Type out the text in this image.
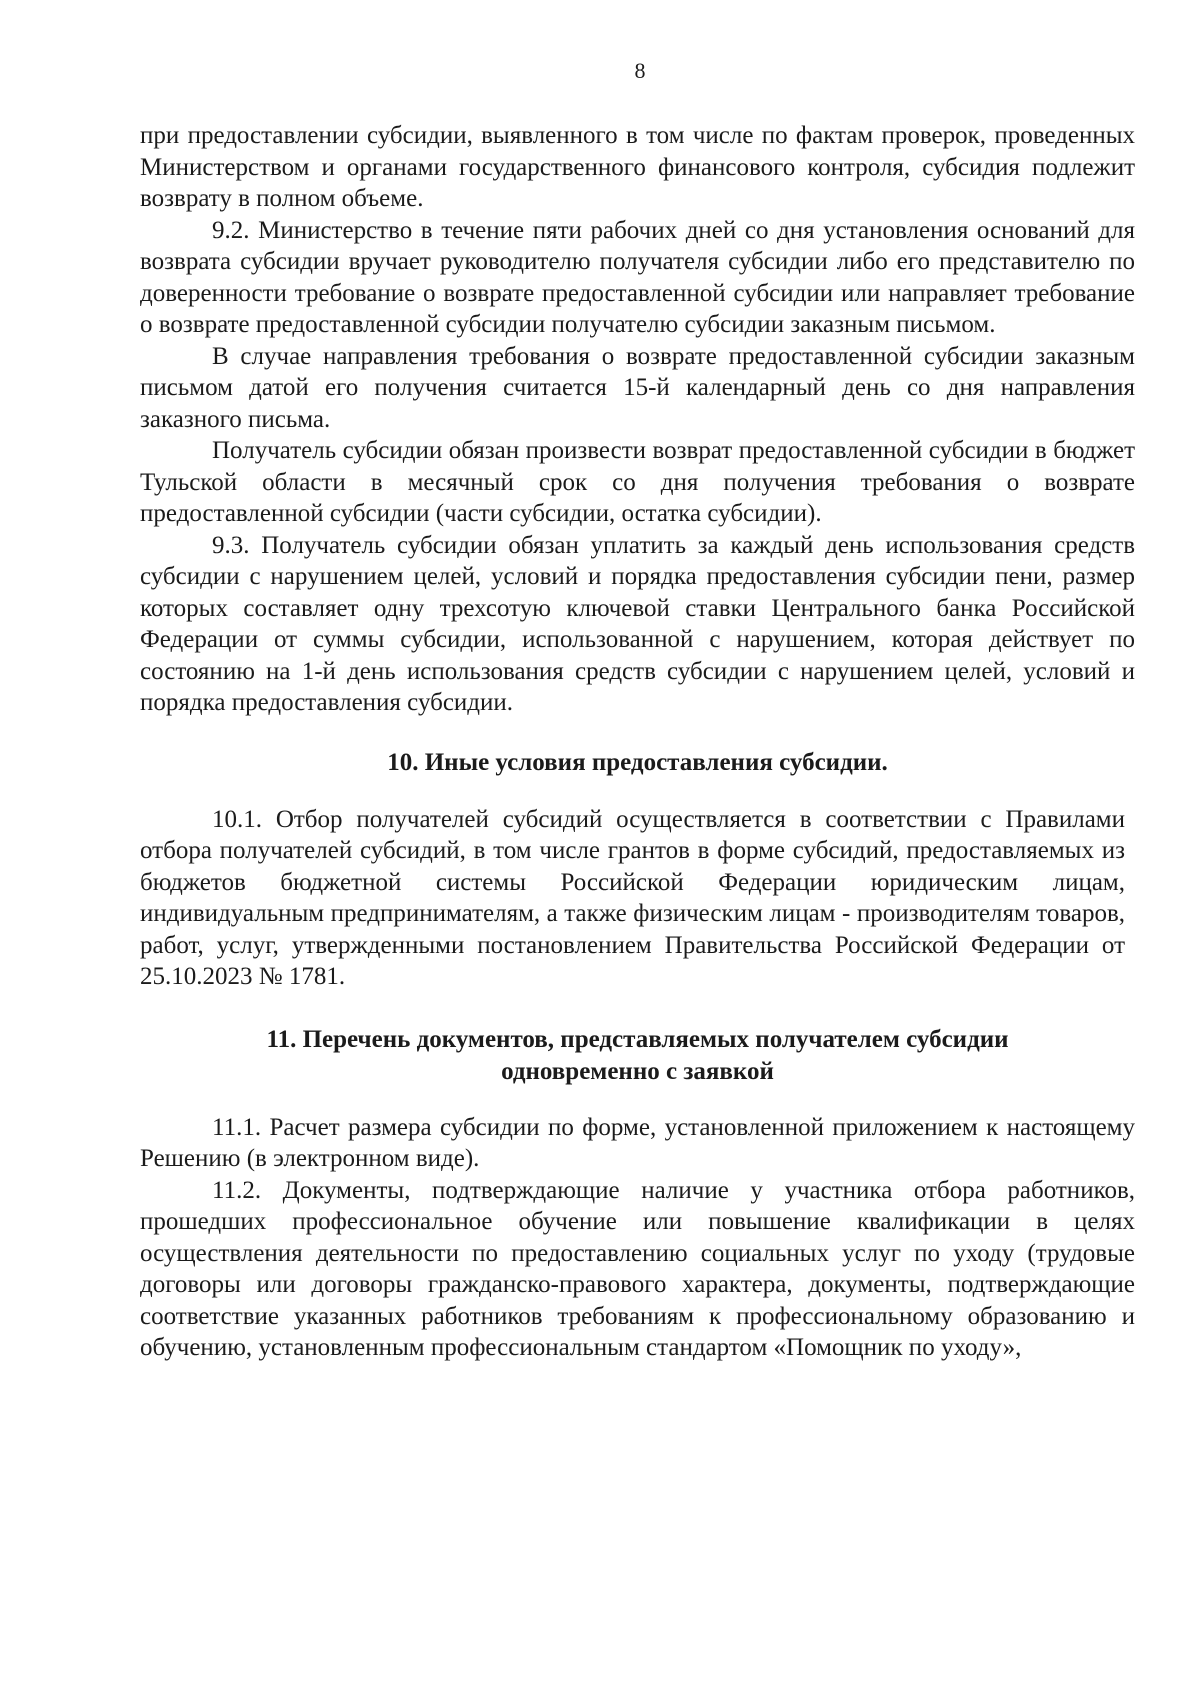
8

при предоставлении субсидии, выявленного в том числе по фактам проверок, проведенных Министерством и органами государственного финансового контроля, субсидия подлежит возврату в полном объеме.

9.2. Министерство в течение пяти рабочих дней со дня установления оснований для возврата субсидии вручает руководителю получателя субсидии либо его представителю по доверенности требование о возврате предоставленной субсидии или направляет требование о возврате предоставленной субсидии получателю субсидии заказным письмом.

В случае направления требования о возврате предоставленной субсидии заказным письмом датой его получения считается 15-й календарный день со дня направления заказного письма.

Получатель субсидии обязан произвести возврат предоставленной субсидии в бюджет Тульской области в месячный срок со дня получения требования о возврате предоставленной субсидии (части субсидии, остатка субсидии).

9.3. Получатель субсидии обязан уплатить за каждый день использования средств субсидии с нарушением целей, условий и порядка предоставления субсидии пени, размер которых составляет одну трехсотую ключевой ставки Центрального банка Российской Федерации от суммы субсидии, использованной с нарушением, которая действует по состоянию на 1-й день использования средств субсидии с нарушением целей, условий и порядка предоставления субсидии.

10. Иные условия предоставления субсидии.

10.1. Отбор получателей субсидий осуществляется в соответствии с Правилами отбора получателей субсидий, в том числе грантов в форме субсидий, предоставляемых из бюджетов бюджетной системы Российской Федерации юридическим лицам, индивидуальным предпринимателям, а также физическим лицам - производителям товаров, работ, услуг, утвержденными постановлением Правительства Российской Федерации от 25.10.2023 № 1781.

11. Перечень документов, представляемых получателем субсидии

одновременно с заявкой

11.1. Расчет размера субсидии по форме, установленной приложением к настоящему Решению (в электронном виде).

11.2. Документы, подтверждающие наличие у участника отбора работников, прошедших профессиональное обучение или повышение квалификации в целях осуществления деятельности по предоставлению социальных услуг по уходу (трудовые договоры или договоры гражданско-правового характера, документы, подтверждающие соответствие указанных работников требованиям к профессиональному образованию и обучению, установленным профессиональным стандартом «Помощник по уходу»,
